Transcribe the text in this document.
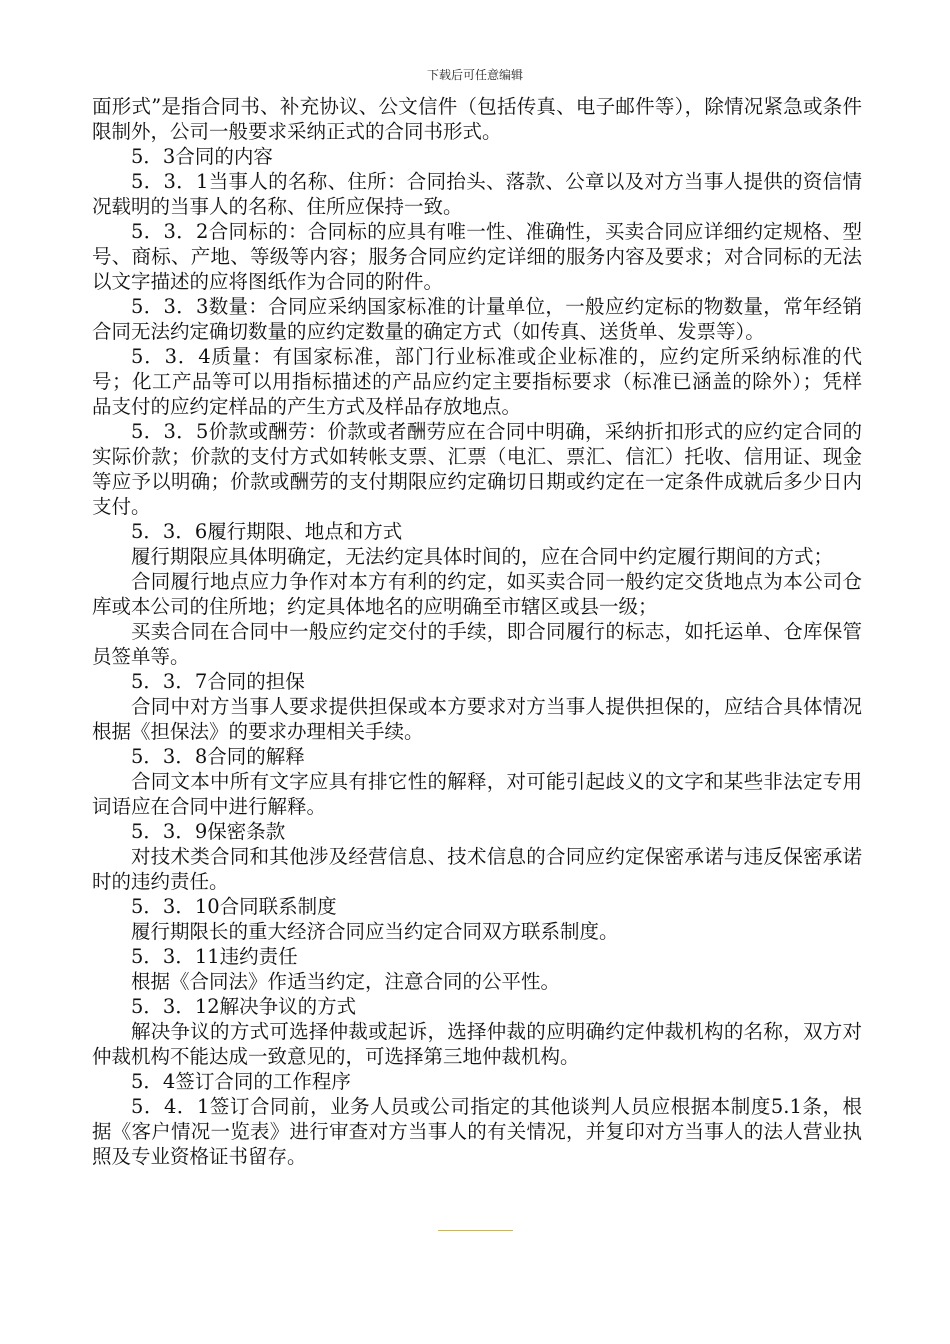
下载后可任意编辑

面形式”是指合同书、补充协议、公文信件（包括传真、电子邮件等），除情况紧急或条件限制外，公司一般要求采纳正式的合同书形式。

5．3合同的内容

5．3．1当事人的名称、住所：合同抬头、落款、公章以及对方当事人提供的资信情况载明的当事人的名称、住所应保持一致。

5．3．2合同标的：合同标的应具有唯一性、准确性，买卖合同应详细约定规格、型号、商标、产地、等级等内容；服务合同应约定详细的服务内容及要求；对合同标的无法以文字描述的应将图纸作为合同的附件。

5．3．3数量：合同应采纳国家标准的计量单位，一般应约定标的物数量，常年经销合同无法约定确切数量的应约定数量的确定方式（如传真、送货单、发票等）。

5．3．4质量：有国家标准，部门行业标准或企业标准的，应约定所采纳标准的代号；化工产品等可以用指标描述的产品应约定主要指标要求（标准已涵盖的除外）；凭样品支付的应约定样品的产生方式及样品存放地点。

5．3．5价款或酬劳：价款或者酬劳应在合同中明确，采纳折扣形式的应约定合同的实际价款；价款的支付方式如转帐支票、汇票（电汇、票汇、信汇）托收、信用证、现金等应予以明确；价款或酬劳的支付期限应约定确切日期或约定在一定条件成就后多少日内支付。

5．3．6履行期限、地点和方式

履行期限应具体明确定，无法约定具体时间的，应在合同中约定履行期间的方式；

合同履行地点应力争作对本方有利的约定，如买卖合同一般约定交货地点为本公司仓库或本公司的住所地；约定具体地名的应明确至市辖区或县一级；

买卖合同在合同中一般应约定交付的手续，即合同履行的标志，如托运单、仓库保管员签单等。

5．3．7合同的担保

合同中对方当事人要求提供担保或本方要求对方当事人提供担保的，应结合具体情况根据《担保法》的要求办理相关手续。

5．3．8合同的解释

合同文本中所有文字应具有排它性的解释，对可能引起歧义的文字和某些非法定专用词语应在合同中进行解释。

5．3．9保密条款

对技术类合同和其他涉及经营信息、技术信息的合同应约定保密承诺与违反保密承诺时的违约责任。

5．3．10合同联系制度

履行期限长的重大经济合同应当约定合同双方联系制度。

5．3．11违约责任

根据《合同法》作适当约定，注意合同的公平性。

5．3．12解决争议的方式

解决争议的方式可选择仲裁或起诉，选择仲裁的应明确约定仲裁机构的名称，双方对仲裁机构不能达成一致意见的，可选择第三地仲裁机构。

5．4签订合同的工作程序

5．4．1签订合同前，业务人员或公司指定的其他谈判人员应根据本制度5.1条，根据《客户情况一览表》进行审查对方当事人的有关情况，并复印对方当事人的法人营业执照及专业资格证书留存。
